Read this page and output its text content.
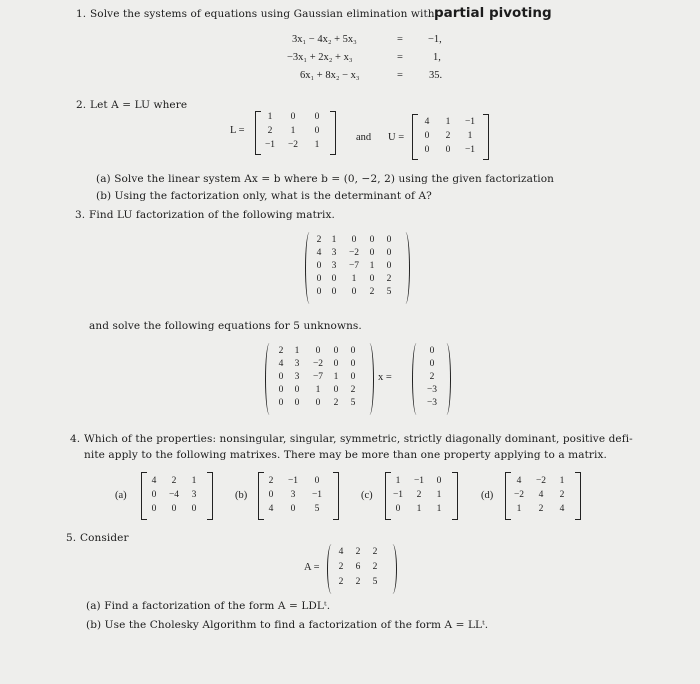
1. Solve the systems of equations using Gaussian elimination with partial pivoting
3x₁ − 4x₂ + 5x₃	= −1,
−3x₁ + 2x₂ + x₃	=	1,
6x₁ + 8x₂ − x₃	= 35.
2. Let A = LU where
L =
1	0	0
2	1	0
−1	−2	1
and U =
4	1	−1
0	2	1
0	0	−1
(a) Solve the linear system Ax = b where b = (0, −2, 2) using the given factorization
(b) Using the factorization only, what is the determinant of A?
3. Find LU factorization of the following matrix.
2	1	0	0	0
4	3	−2	0	0
0	3	−7	1	0
0	0	1	0	2
0	0	0	2	5
and solve the following equations for 5 unknowns.
2	1	0	0	0
4	3	−2	0	0
0	3	−7	1	0
0	0	1	0	2
0	0	0	2	5
x =
0
0
2
−3
−3
4. Which of the properties: nonsingular, singular, symmetric, strictly diagonally dominant, positive defi-
nite apply to the following matrixes. There may be more than one property applying to a matrix.
(a)
4	2	1
0	−4	3
0	0	0
(b)
2	−1	0
0	3	−1
4	0	5
(c)
1	−1	0
−1	2	1
0	1	1
(d)
4	−2	1
−2	4	2
1	2	4
5. Consider
A =
4	2	2
2	6	2
2	2	5
(a) Find a factorization of the form A = LDLᵗ.
(b) Use the Cholesky Algorithm to find a factorization of the form A = LLᵗ.
